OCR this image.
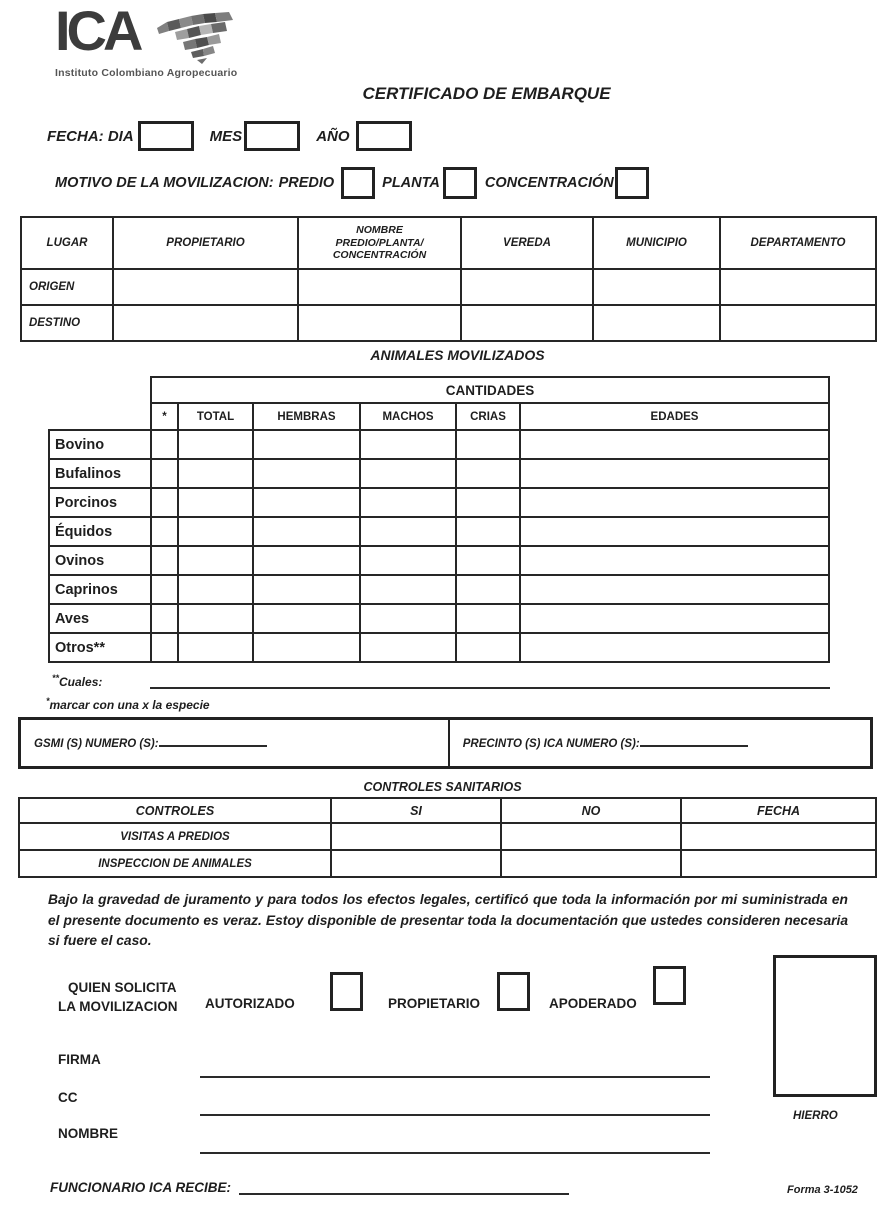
ICA
Instituto Colombiano Agropecuario
CERTIFICADO DE EMBARQUE
FECHA: DIA	MES	AÑO
MOTIVO DE LA MOVILIZACION: PREDIO	PLANTA	CONCENTRACIÓN
LUGAR	PROPIETARIO	NOMBRE
PREDIO/PLANTA/
CONCENTRACIÓN	VEREDA	MUNICIPIO	DEPARTAMENTO
ORIGEN					
DESTINO					
ANIMALES MOVILIZADOS
	CANTIDADES					
	*	TOTAL	HEMBRAS	MACHOS	CRIAS	EDADES
Bovino						
Bufalinos						
Porcinos						
Équidos						
Ovinos						
Caprinos						
Aves						
Otros**						
**Cuales:
*marcar con una x la especie
GSMI (S) NUMERO (S):	PRECINTO (S) ICA NUMERO (S):
CONTROLES SANITARIOS
CONTROLES	SI	NO	FECHA
VISITAS A PREDIOS			
INSPECCION DE ANIMALES			
Bajo la gravedad de juramento y para todos los efectos legales, certificó que toda la información por mi suministrada en el presente documento es veraz. Estoy disponible de presentar toda la documentación que ustedes consideren necesaria si fuere el caso.
QUIEN SOLICITA
LA MOVILIZACION AUTORIZADO	PROPIETARIO	APODERADO
FIRMA
CC
NOMBRE
HIERRO
FUNCIONARIO ICA RECIBE:	Forma 3-1052
